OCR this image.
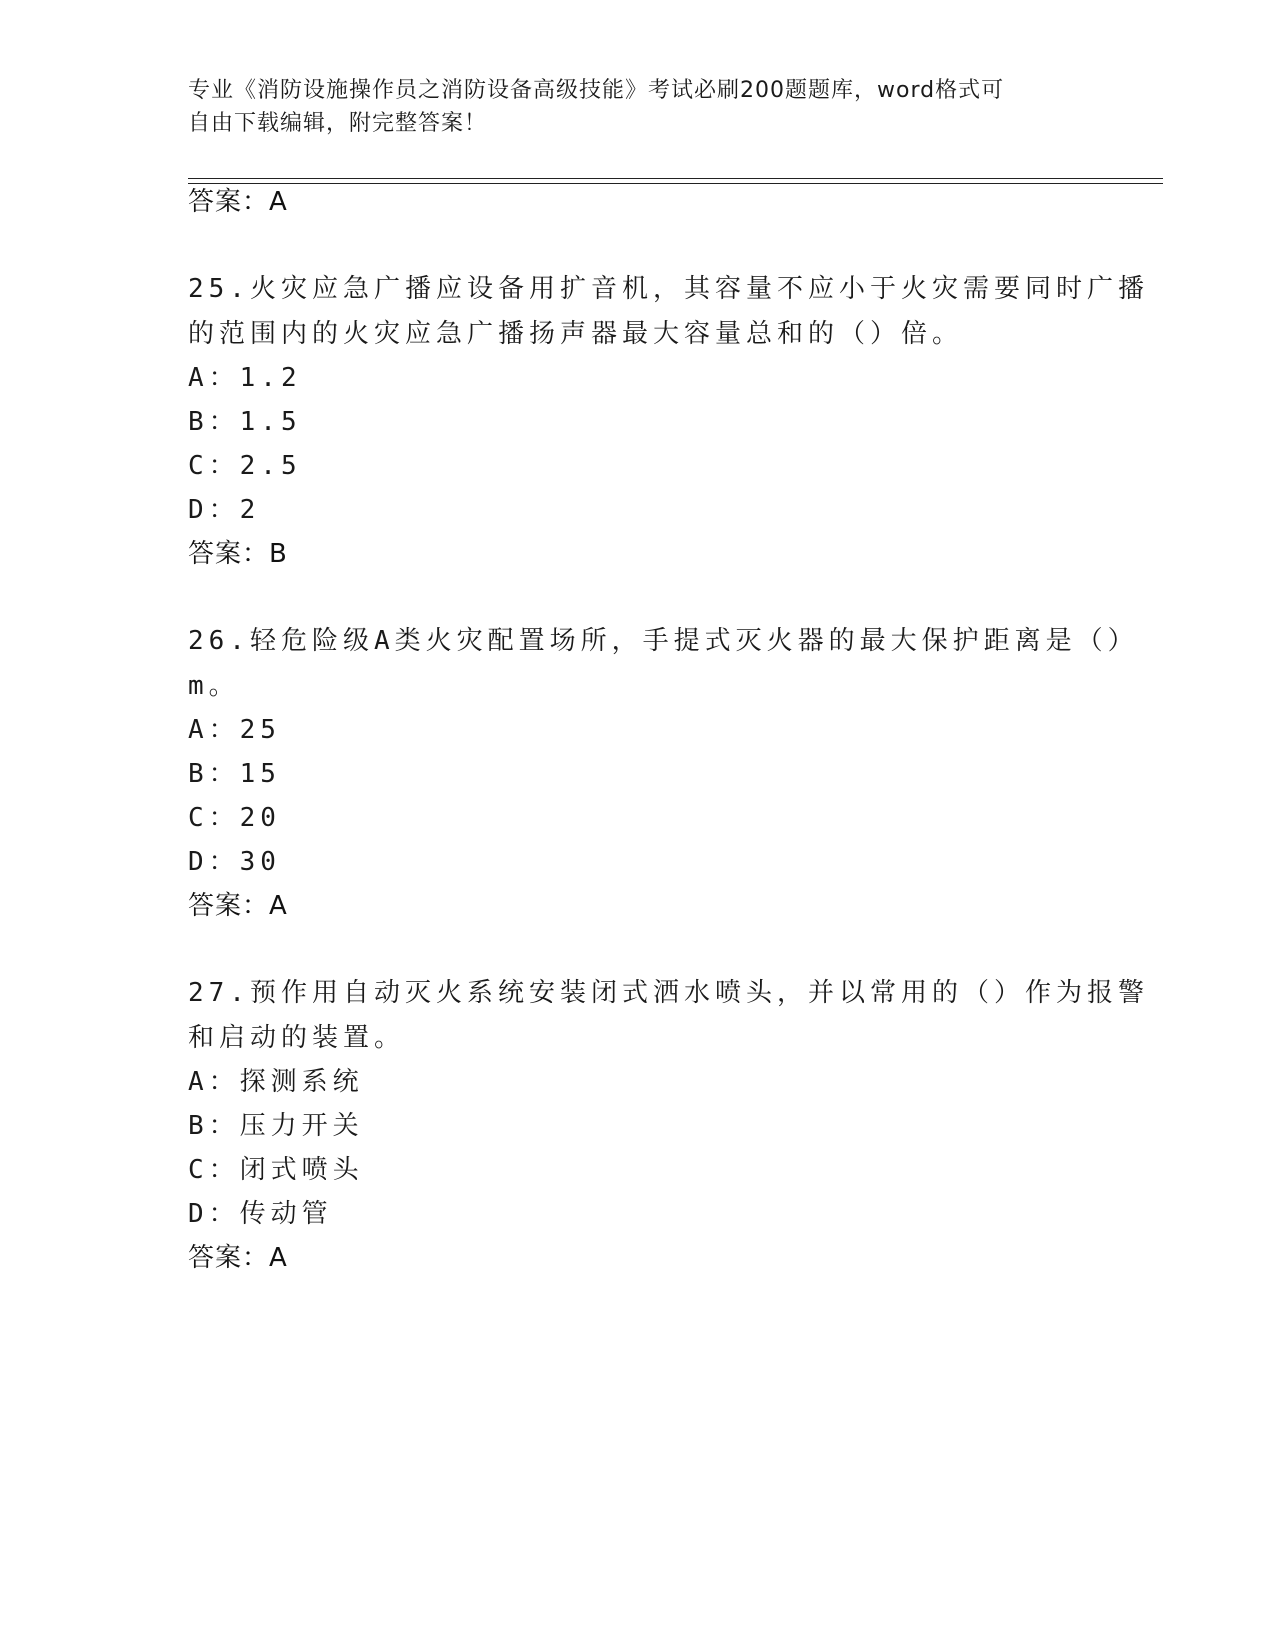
专业《消防设施操作员之消防设备高级技能》考试必刷200题题库，word格式可
自由下载编辑，附完整答案！
答案：A
25.火灾应急广播应设备用扩音机，其容量不应小于火灾需要同时广播
的范围内的火灾应急广播扬声器最大容量总和的（）倍。
A：1.2
B：1.5
C：2.5
D：2
答案：B
26.轻危险级A类火灾配置场所，手提式灭火器的最大保护距离是（）
m。
A：25
B：15
C：20
D：30
答案：A
27.预作用自动灭火系统安装闭式洒水喷头，并以常用的（）作为报警
和启动的装置。
A：探测系统
B：压力开关
C：闭式喷头
D：传动管
答案：A
